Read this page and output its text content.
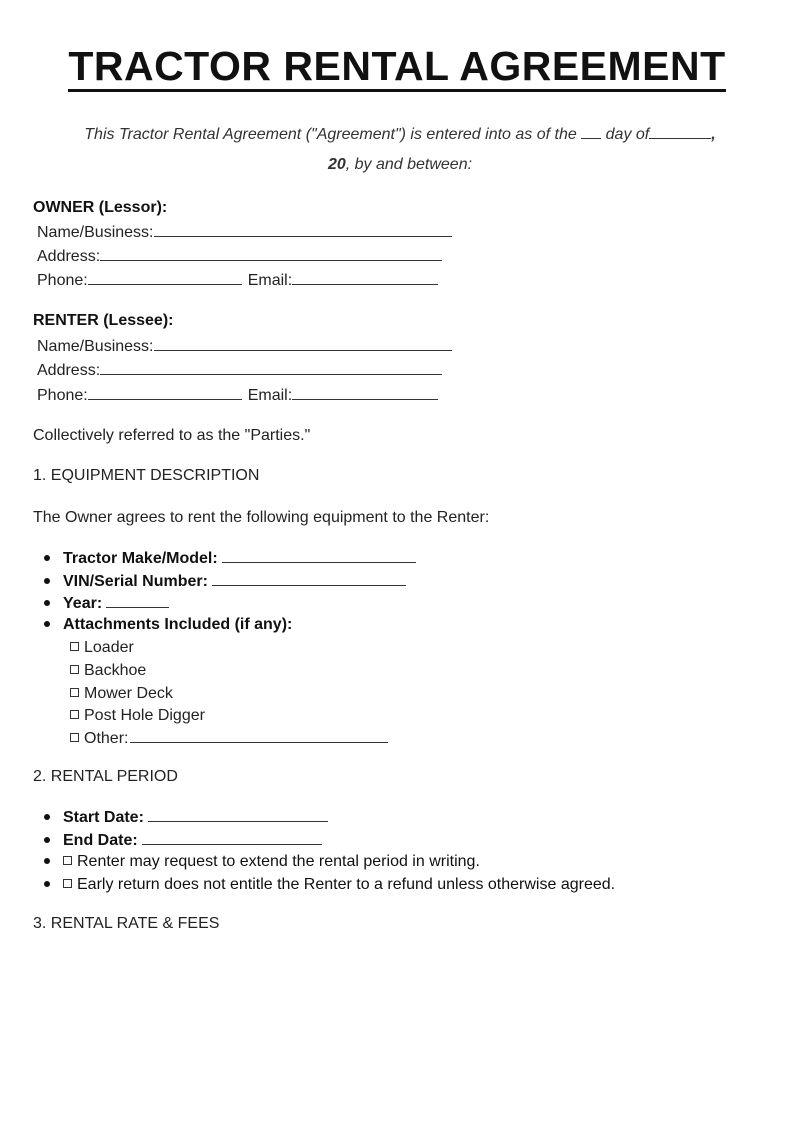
TRACTOR RENTAL AGREEMENT
This Tractor Rental Agreement ("Agreement") is entered into as of the day of	,
20, by and between:
OWNER (Lessor):
Name/Business:
Address:
Phone:	Email:
RENTER (Lessee):
Name/Business:
Address:
Phone:	Email:
Collectively referred to as the "Parties."
1. EQUIPMENT DESCRIPTION
The Owner agrees to rent the following equipment to the Renter:
Tractor Make/Model:
VIN/Serial Number:
Year:
Attachments Included (if any):
Loader
Backhoe
Mower Deck
Post Hole Digger
Other:
2. RENTAL PERIOD
Start Date:
End Date:
Renter may request to extend the rental period in writing.
Early return does not entitle the Renter to a refund unless otherwise agreed.
3. RENTAL RATE & FEES
